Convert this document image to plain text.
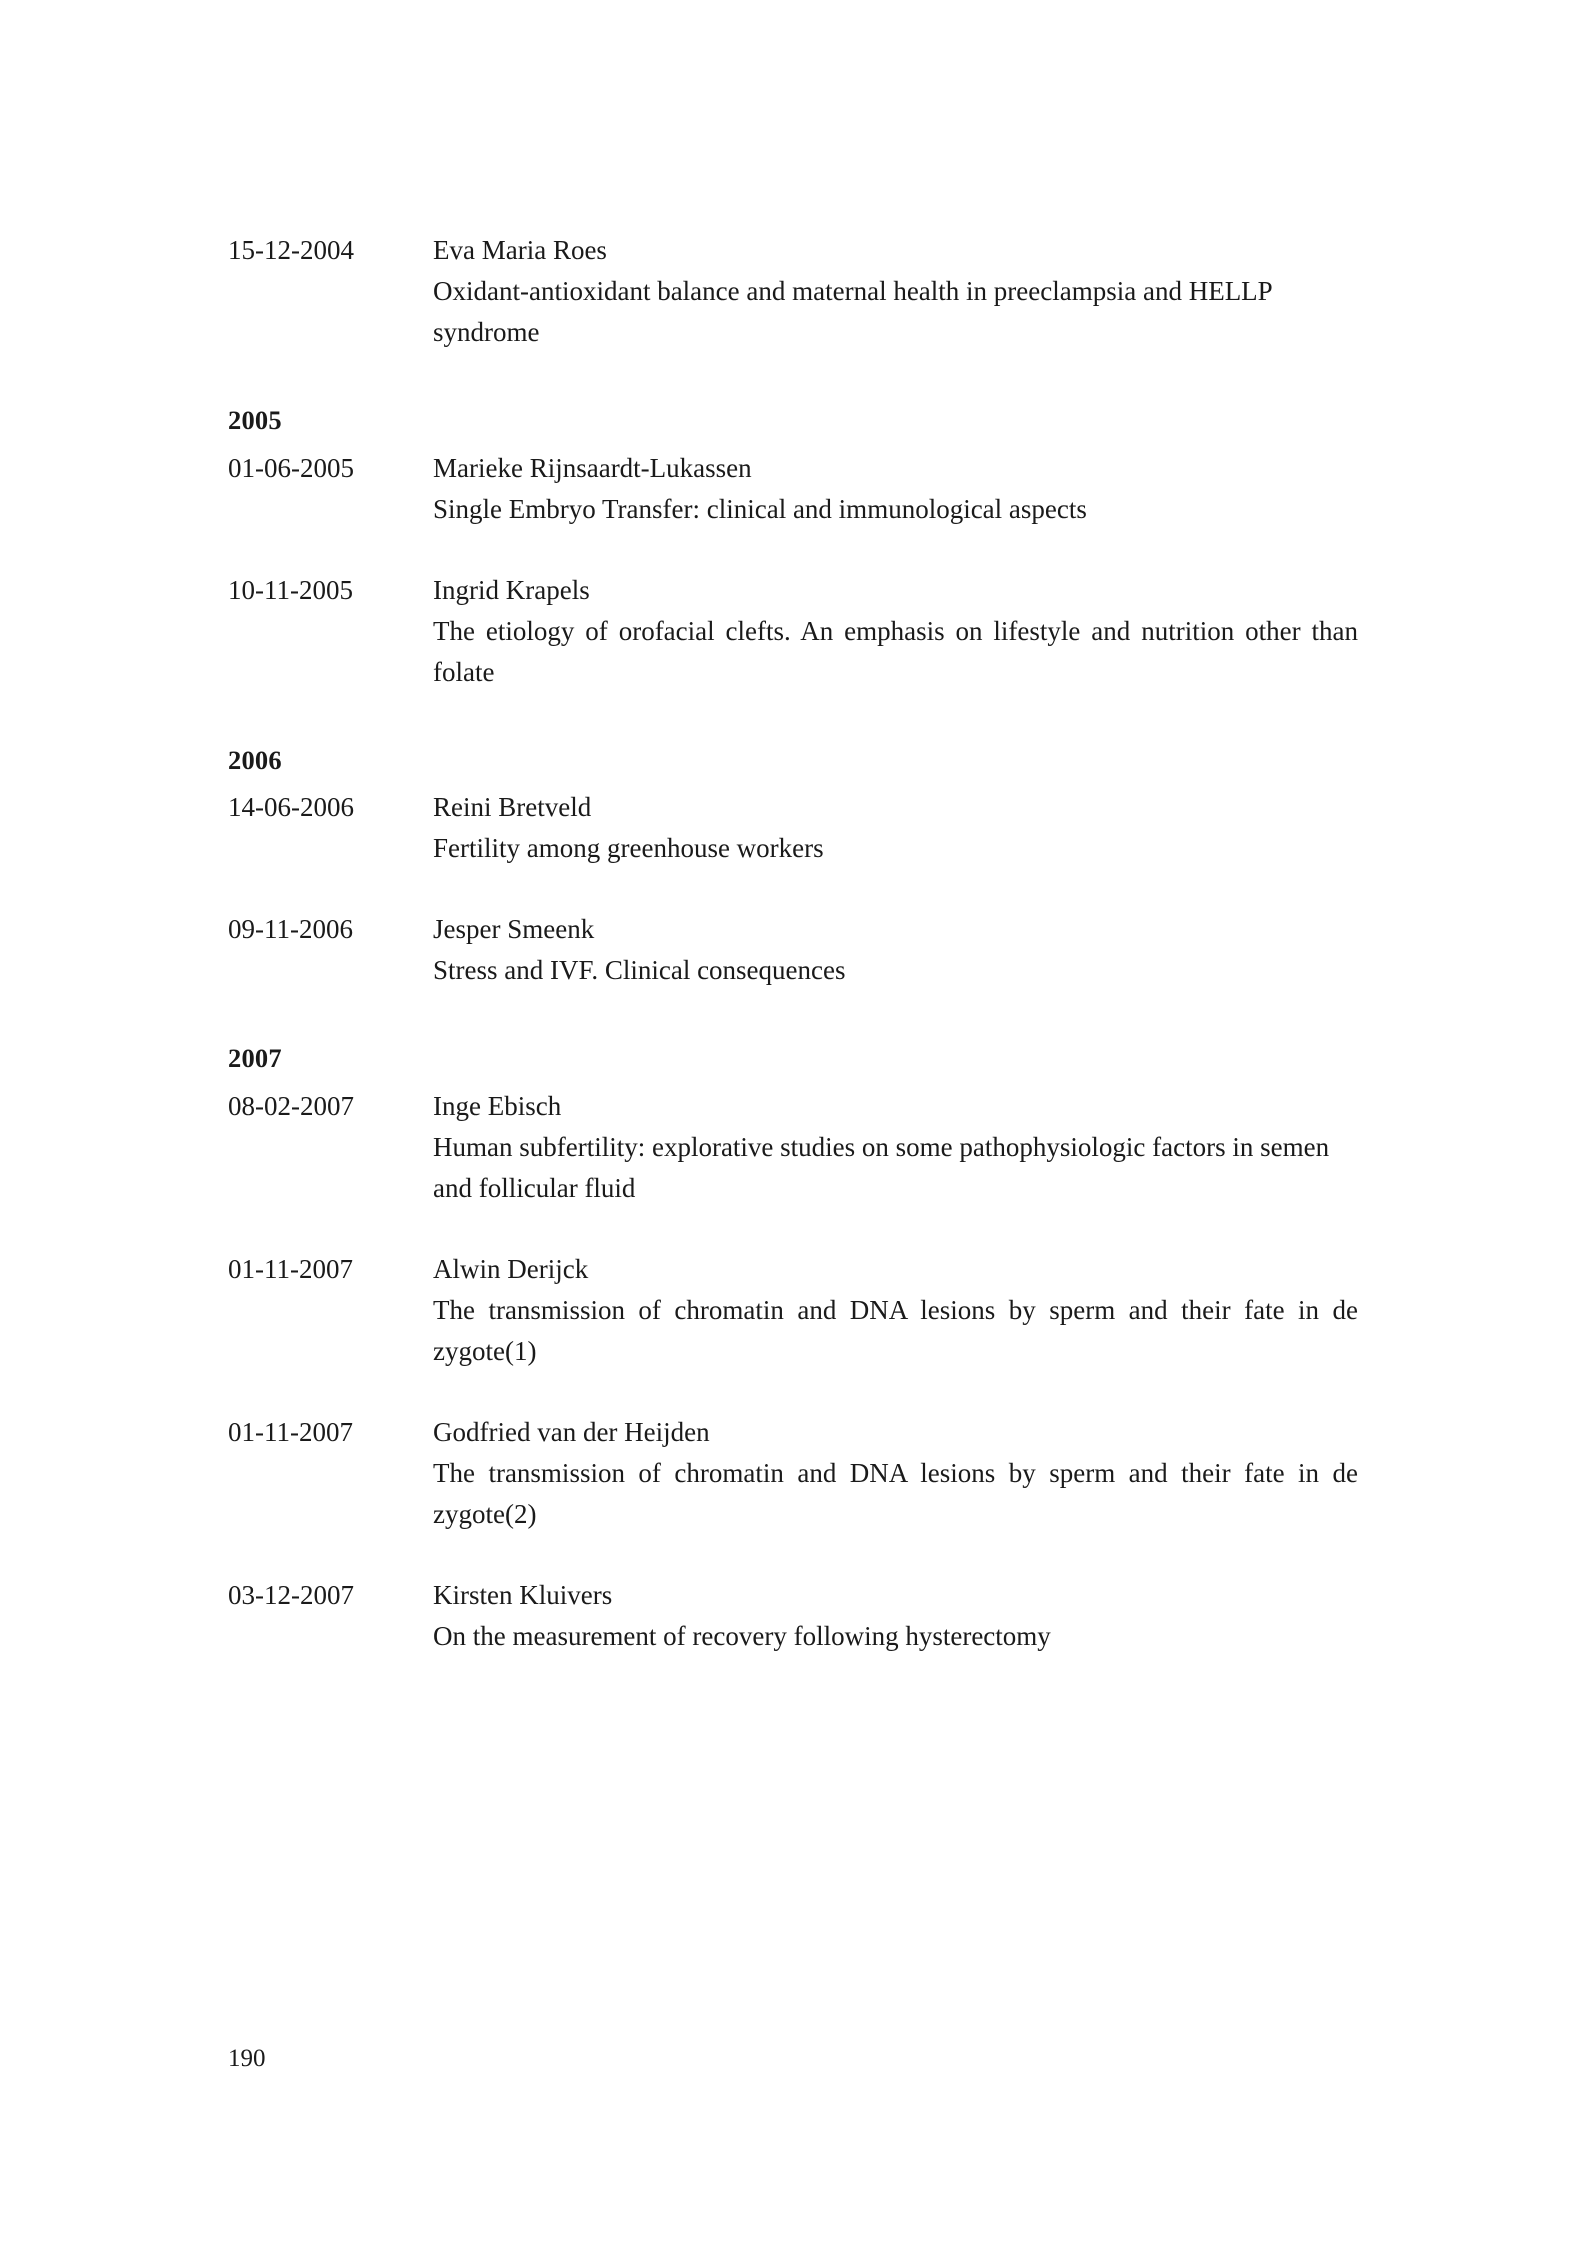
15-12-2004	Eva Maria Roes
Oxidant-antioxidant balance and maternal health in preeclampsia and HELLP syndrome
2005
01-06-2005	Marieke Rijnsaardt-Lukassen
Single Embryo Transfer: clinical and immunological aspects
10-11-2005	Ingrid Krapels
The etiology of orofacial clefts. An emphasis on lifestyle and nutrition other than folate
2006
14-06-2006	Reini Bretveld
Fertility among greenhouse workers
09-11-2006	Jesper Smeenk
Stress and IVF. Clinical consequences
2007
08-02-2007	Inge Ebisch
Human subfertility: explorative studies on some pathophysiologic factors in semen and follicular fluid
01-11-2007	Alwin Derijck
The transmission of chromatin and DNA lesions by sperm and their fate in de zygote(1)
01-11-2007	Godfried van der Heijden
The transmission of chromatin and DNA lesions by sperm and their fate in de zygote(2)
03-12-2007	Kirsten Kluivers
On the measurement of recovery following hysterectomy
190
